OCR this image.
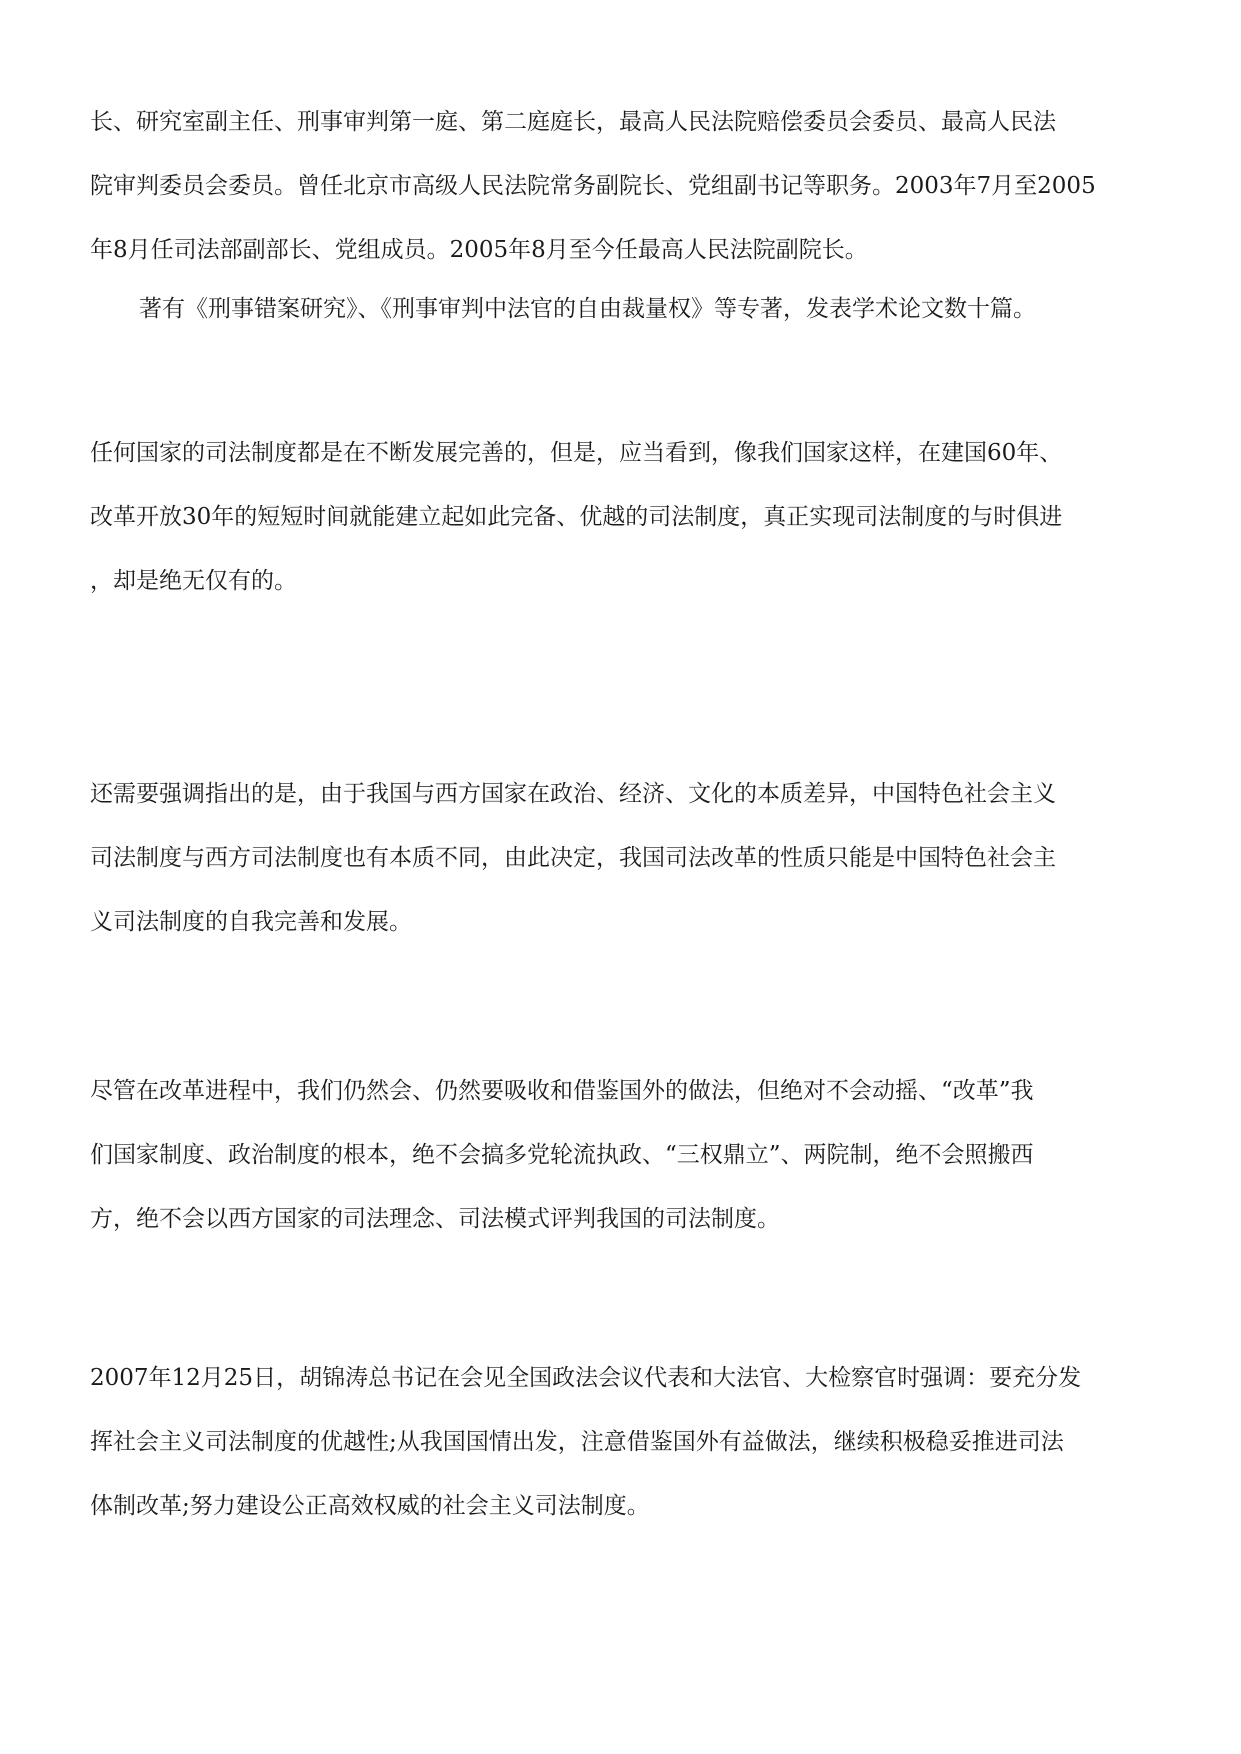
长、研究室副主任、刑事审判第一庭、第二庭庭长，最高人民法院赔偿委员会委员、最高人民法
院审判委员会委员。曾任北京市高级人民法院常务副院长、党组副书记等职务。2003年7月至2005
年8月任司法部副部长、党组成员。2005年8月至今任最高人民法院副院长。
著有《刑事错案研究》、《刑事审判中法官的自由裁量权》等专著，发表学术论文数十篇。
任何国家的司法制度都是在不断发展完善的，但是，应当看到，像我们国家这样，在建国60年、
改革开放30年的短短时间就能建立起如此完备、优越的司法制度，真正实现司法制度的与时俱进
，却是绝无仅有的。
还需要强调指出的是，由于我国与西方国家在政治、经济、文化的本质差异，中国特色社会主义
司法制度与西方司法制度也有本质不同，由此决定，我国司法改革的性质只能是中国特色社会主
义司法制度的自我完善和发展。
尽管在改革进程中，我们仍然会、仍然要吸收和借鉴国外的做法，但绝对不会动摇、“改革”我
们国家制度、政治制度的根本，绝不会搞多党轮流执政、“三权鼎立”、两院制，绝不会照搬西
方，绝不会以西方国家的司法理念、司法模式评判我国的司法制度。
2007年12月25日，胡锦涛总书记在会见全国政法会议代表和大法官、大检察官时强调：要充分发
挥社会主义司法制度的优越性;从我国国情出发，注意借鉴国外有益做法，继续积极稳妥推进司法
体制改革;努力建设公正高效权威的社会主义司法制度。
